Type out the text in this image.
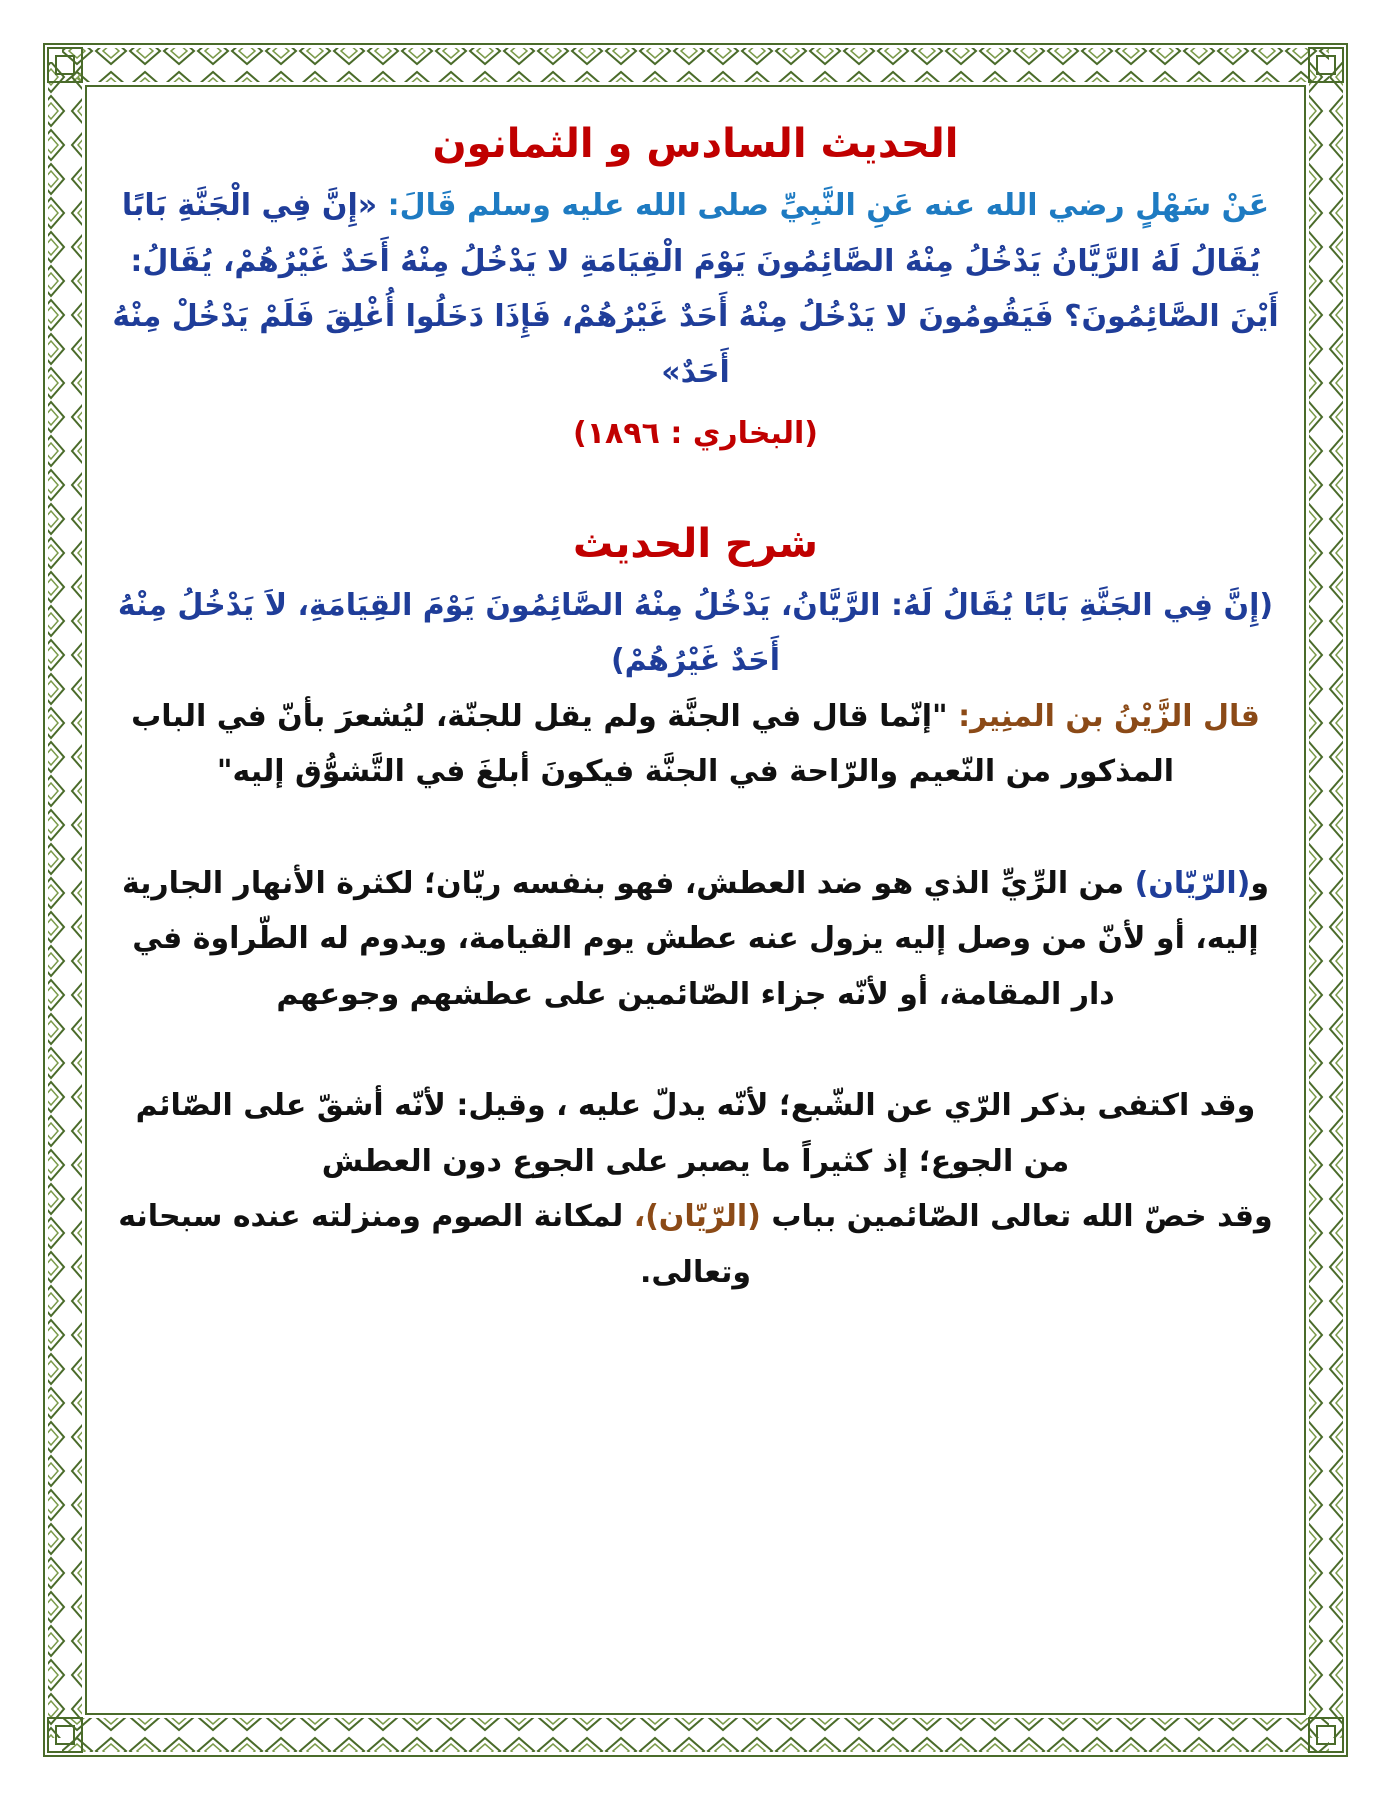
الحديث السادس و الثمانون

عَنْ سَهْلٍ رضي الله عنه عَنِ النَّبِيِّ صلى الله عليه وسلم قَالَ: «إِنَّ فِي الْجَنَّةِ بَابًا يُقَالُ لَهُ الرَّيَّانُ يَدْخُلُ مِنْهُ الصَّائِمُونَ يَوْمَ الْقِيَامَةِ لا يَدْخُلُ مِنْهُ أَحَدٌ غَيْرُهُمْ، يُقَالُ: أَيْنَ الصَّائِمُونَ؟ فَيَقُومُونَ لا يَدْخُلُ مِنْهُ أَحَدٌ غَيْرُهُمْ، فَإِذَا دَخَلُوا أُغْلِقَ فَلَمْ يَدْخُلْ مِنْهُ أَحَدٌ»

(البخاري : ١٨٩٦)

شرح الحديث

(إِنَّ فِي الجَنَّةِ بَابًا يُقَالُ لَهُ: الرَّيَّانُ، يَدْخُلُ مِنْهُ الصَّائِمُونَ يَوْمَ القِيَامَةِ، لاَ يَدْخُلُ مِنْهُ أَحَدٌ غَيْرُهُمْ)

قال الزَّيْنُ بن المنِير: "إنّما قال في الجنَّة ولم يقل للجنّة، ليُشعرَ بأنّ في الباب المذكور من النّعيم والرّاحة في الجنَّة فيكونَ أبلغَ في التَّشوُّق إليه"

و(الرّيّان) من الرِّيِّ الذي هو ضد العطش، فهو بنفسه ريّان؛ لكثرة الأنهار الجارية إليه، أو لأنّ من وصل إليه يزول عنه عطش يوم القيامة، ويدوم له الطّراوة في دار المقامة، أو لأنّه جزاء الصّائمين على عطشهم وجوعهم

وقد اكتفى بذكر الرّي عن الشّبع؛ لأنّه يدلّ عليه ، وقيل: لأنّه أشقّ على الصّائم من الجوع؛ إذ كثيراً ما يصبر على الجوع دون العطش

وقد خصّ الله تعالى الصّائمين بباب (الرّيّان)، لمكانة الصوم ومنزلته عنده سبحانه وتعالى.
